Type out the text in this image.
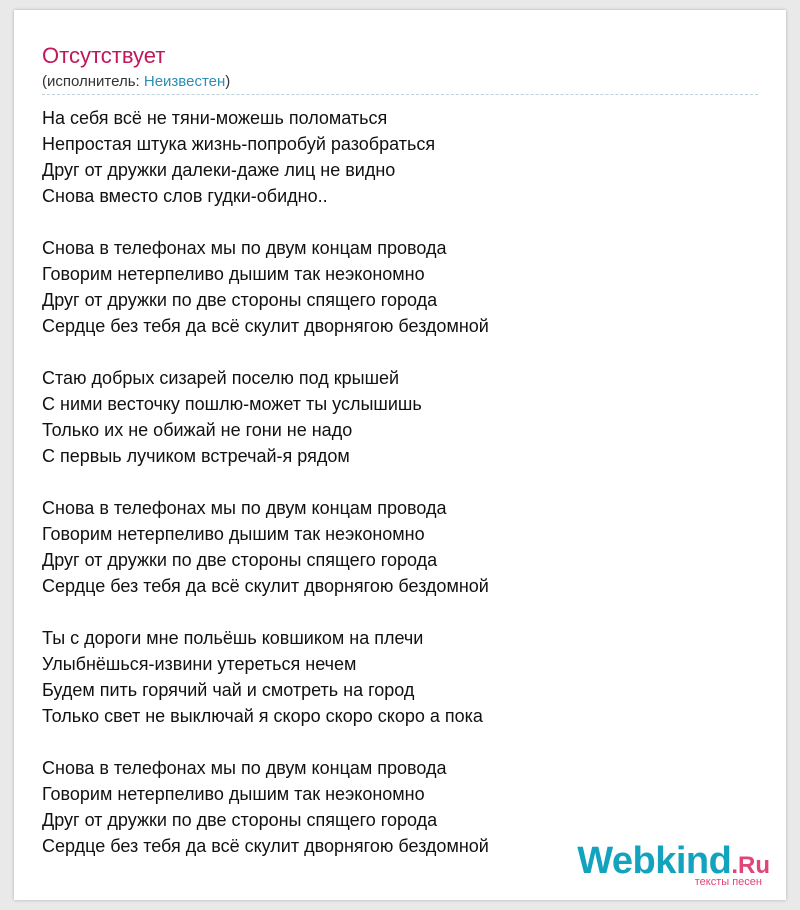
Отсутствует
(исполнитель: Неизвестен)
На себя всё не тяни-можешь поломаться
Непростая штука жизнь-попробуй разобраться
Друг от дружки далеки-даже лиц не видно
Снова вместо слов гудки-обидно..
Снова в телефонах мы по двум концам провода
Говорим нетерпеливо дышим так неэкономно
Друг от дружки по две стороны спящего города
Сердце без тебя да всё скулит дворнягою бездомной
Стаю добрых сизарей поселю под крышей
С ними весточку пошлю-может ты услышишь
Только их не обижай не гони не надо
С первыь лучиком встречай-я рядом
Снова в телефонах мы по двум концам провода
Говорим нетерпеливо дышим так неэкономно
Друг от дружки по две стороны спящего города
Сердце без тебя да всё скулит дворнягою бездомной
Ты с дороги мне польёшь ковшиком на плечи
Улыбнёшься-извини утереться нечем
Будем пить горячий чай и смотреть на город
Только свет не выключай я скоро скоро скоро а пока
Снова в телефонах мы по двум концам провода
Говорим нетерпеливо дышим так неэкономно
Друг от дружки по две стороны спящего города
Сердце без тебя да всё скулит дворнягою бездомной	Webkind.Ru
тексты песен
